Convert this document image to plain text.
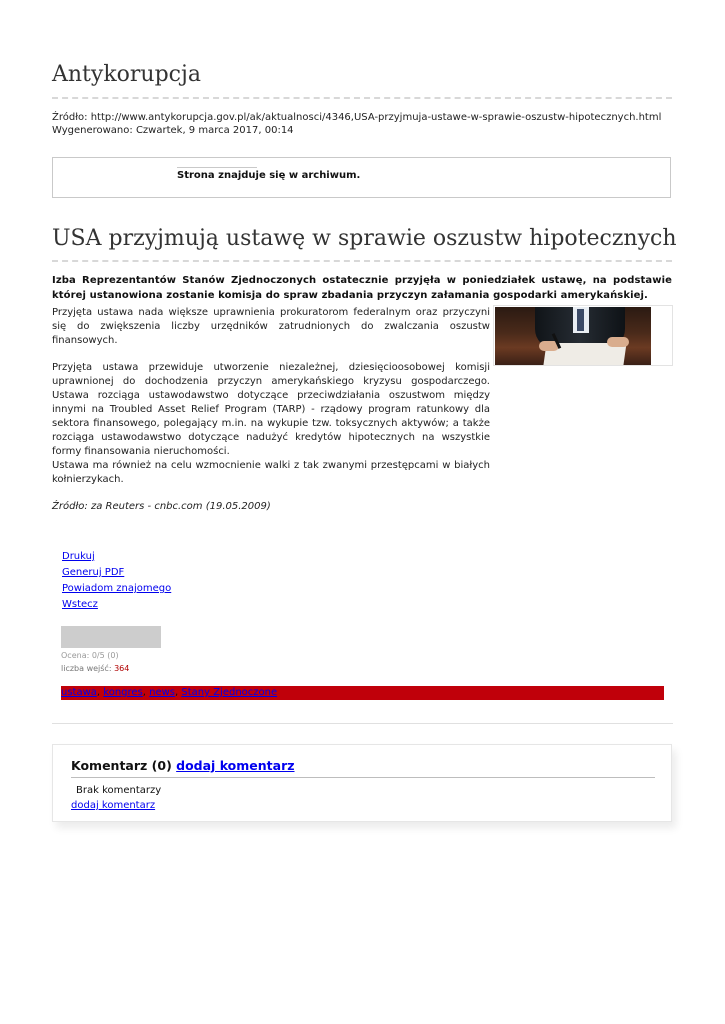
Antykorupcja
Źródło: http://www.antykorupcja.gov.pl/ak/aktualnosci/4346,USA-przyjmuja-ustawe-w-sprawie-oszustw-hipotecznych.html
Wygenerowano: Czwartek, 9 marca 2017, 00:14
Strona znajduje się w archiwum.
USA przyjmują ustawę w sprawie oszustw hipotecznych
Izba Reprezentantów Stanów Zjednoczonych ostatecznie przyjęła w poniedziałek ustawę, na podstawie której ustanowiona zostanie komisja do spraw zbadania przyczyn załamania gospodarki amerykańskiej.
Przyjęta ustawa nada większe uprawnienia prokuratorom federalnym oraz przyczyni się do zwiększenia liczby urzędników zatrudnionych do zwalczania oszustw finansowych.
Przyjęta ustawa przewiduje utworzenie niezależnej, dziesięcioosobowej komisji uprawnionej do dochodzenia przyczyn amerykańskiego kryzysu gospodarczego. Ustawa rozciąga ustawodawstwo dotyczące przeciwdziałania oszustwom między innymi na Troubled Asset Relief Program (TARP) - rządowy program ratunkowy dla sektora finansowego, polegający m.in. na wykupie tzw. toksycznych aktywów; a także rozciąga ustawodawstwo dotyczące nadużyć kredytów hipotecznych na wszystkie formy finansowania nieruchomości.
Ustawa ma również na celu wzmocnienie walki z tak zwanymi przestępcami w białych kołnierzykach.
Źródło: za Reuters - cnbc.com (19.05.2009)
Drukuj
Generuj PDF
Powiadom znajomego
Wstecz
Ocena: 0/5 (0)
liczba wejść: 364
ustawa, kongres, news, Stany Zjednoczone
Komentarz (0) dodaj komentarz
Brak komentarzy
dodaj komentarz
